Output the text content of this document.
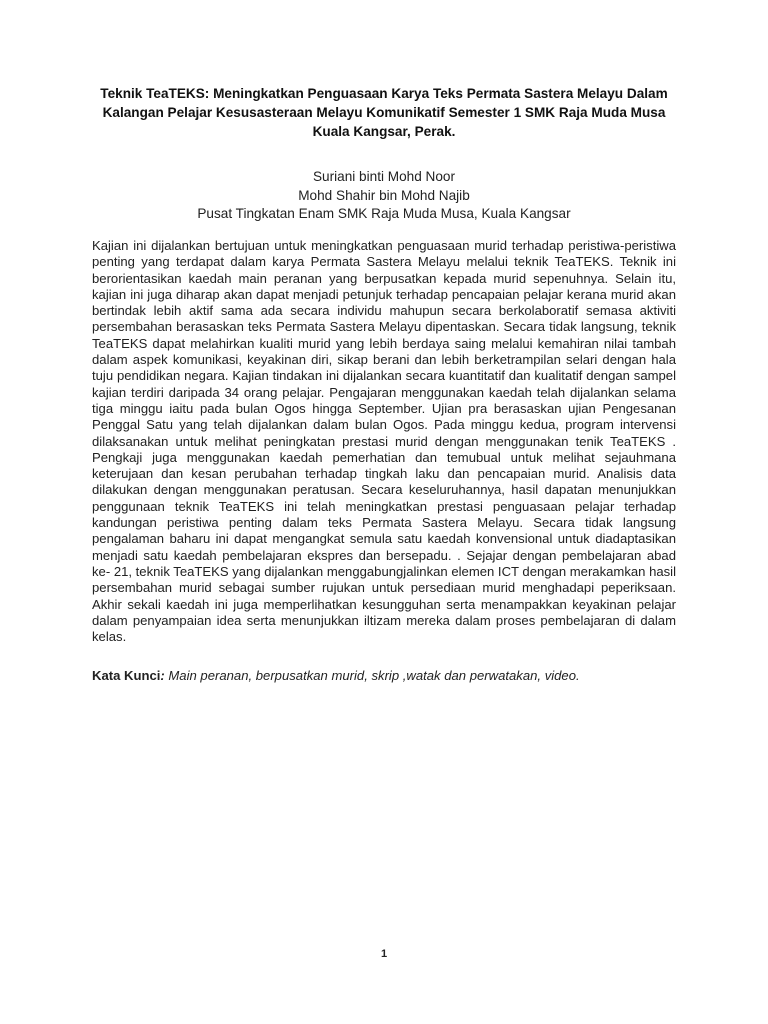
Teknik TeaTEKS: Meningkatkan Penguasaan Karya Teks Permata Sastera Melayu Dalam Kalangan Pelajar Kesusasteraan Melayu Komunikatif Semester 1 SMK Raja Muda Musa Kuala Kangsar, Perak.

Suriani binti Mohd Noor
Mohd Shahir bin Mohd Najib
Pusat Tingkatan Enam SMK Raja Muda Musa, Kuala Kangsar

Kajian ini dijalankan bertujuan untuk meningkatkan penguasaan murid terhadap peristiwa-peristiwa penting yang terdapat dalam karya Permata Sastera Melayu melalui teknik TeaTEKS. Teknik ini berorientasikan kaedah main peranan yang berpusatkan kepada murid sepenuhnya. Selain itu, kajian ini juga diharap akan dapat menjadi petunjuk terhadap pencapaian pelajar kerana murid akan bertindak lebih aktif sama ada secara individu mahupun secara berkolaboratif semasa aktiviti persembahan berasaskan teks Permata Sastera Melayu dipentaskan. Secara tidak langsung, teknik TeaTEKS dapat melahirkan kualiti murid yang lebih berdaya saing melalui kemahiran nilai tambah dalam aspek komunikasi, keyakinan diri, sikap berani dan lebih berketrampilan selari dengan hala tuju pendidikan negara. Kajian tindakan ini dijalankan secara kuantitatif dan kualitatif dengan sampel kajian terdiri daripada 34 orang pelajar. Pengajaran menggunakan kaedah telah dijalankan selama tiga minggu iaitu pada bulan Ogos hingga September. Ujian pra berasaskan ujian Pengesanan Penggal Satu yang telah dijalankan dalam bulan Ogos. Pada minggu kedua, program intervensi dilaksanakan untuk melihat peningkatan prestasi murid dengan menggunakan tenik TeaTEKS . Pengkaji juga menggunakan kaedah pemerhatian dan temubual untuk melihat sejauhmana keterujaan dan kesan perubahan terhadap tingkah laku dan pencapaian murid. Analisis data dilakukan dengan menggunakan peratusan. Secara keseluruhannya, hasil dapatan menunjukkan penggunaan teknik TeaTEKS ini telah meningkatkan prestasi penguasaan pelajar terhadap kandungan peristiwa penting dalam teks Permata Sastera Melayu. Secara tidak langsung pengalaman baharu ini dapat mengangkat semula satu kaedah konvensional untuk diadaptasikan menjadi satu kaedah pembelajaran ekspres dan bersepadu. . Sejajar dengan pembelajaran abad ke- 21, teknik TeaTEKS yang dijalankan menggabungjalinkan elemen ICT dengan merakamkan hasil persembahan murid sebagai sumber rujukan untuk persediaan murid menghadapi peperiksaan. Akhir sekali kaedah ini juga memperlihatkan kesungguhan serta menampakkan keyakinan pelajar dalam penyampaian idea serta menunjukkan iltizam mereka dalam proses pembelajaran di dalam kelas.

Kata Kunci: Main peranan, berpusatkan murid, skrip ,watak dan perwatakan, video.

1
